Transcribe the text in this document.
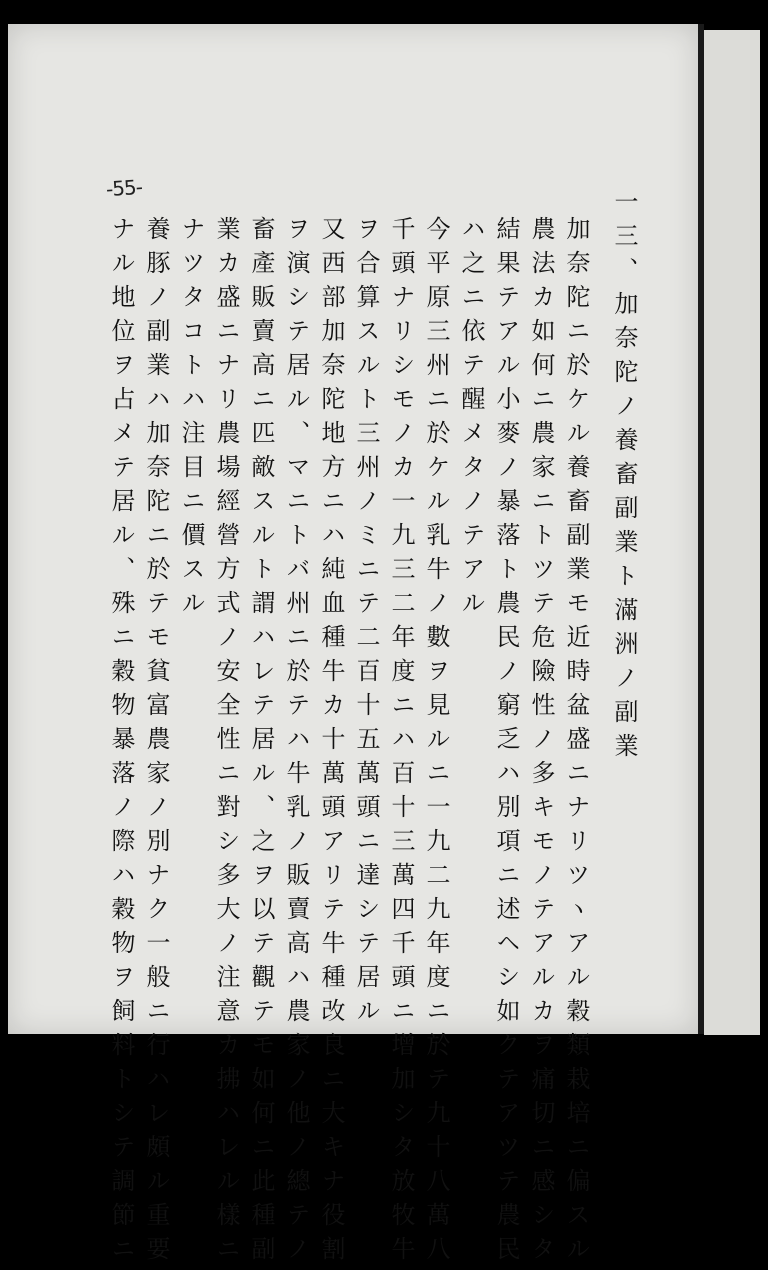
-55-
一三、加奈陀ノ養畜副業ト滿洲ノ副業
加奈陀ニ於ケル養畜副業モ近時盆盛ニナリツヽアル穀類栽培ニ偏スル
農法カ如何ニ農家ニトツテ危險性ノ多キモノテアルカヲ痛切ニ感シタ
結果テアル小麥ノ暴落ト農民ノ窮乏ハ別項ニ述ヘシ如クテアツテ農民
ハ之ニ依テ醒メタノテアル
今平原三州ニ於ケル乳牛ノ數ヲ見ルニ一九二九年度ニ於テ九十八萬八
千頭ナリシモノカ一九三二年度ニハ百十三萬四千頭ニ增加シタ放牧牛
ヲ合算スルト三州ノミニテ二百十五萬頭ニ達シテ居ル
又西部加奈陀地方ニハ純血種牛カ十萬頭アリテ牛種改良ニ大キナ役割
ヲ演シテ居ル、マニトバ州ニ於テハ牛乳ノ販賣高ハ農家ノ他ノ總テノ
畜產販賣高ニ匹敵スルト謂ハレテ居ル、之ヲ以テ觀テモ如何ニ此種副
業カ盛ニナリ農場經營方式ノ安全性ニ對シ多大ノ注意カ拂ハレル樣ニ
ナツタコトハ注目ニ價スル
養豚ノ副業ハ加奈陀ニ於テモ貧富農家ノ別ナク一般ニ行ハレ頗ル重要
ナル地位ヲ占メテ居ル、殊ニ穀物暴落ノ際ハ穀物ヲ飼料トシテ調節ニ
